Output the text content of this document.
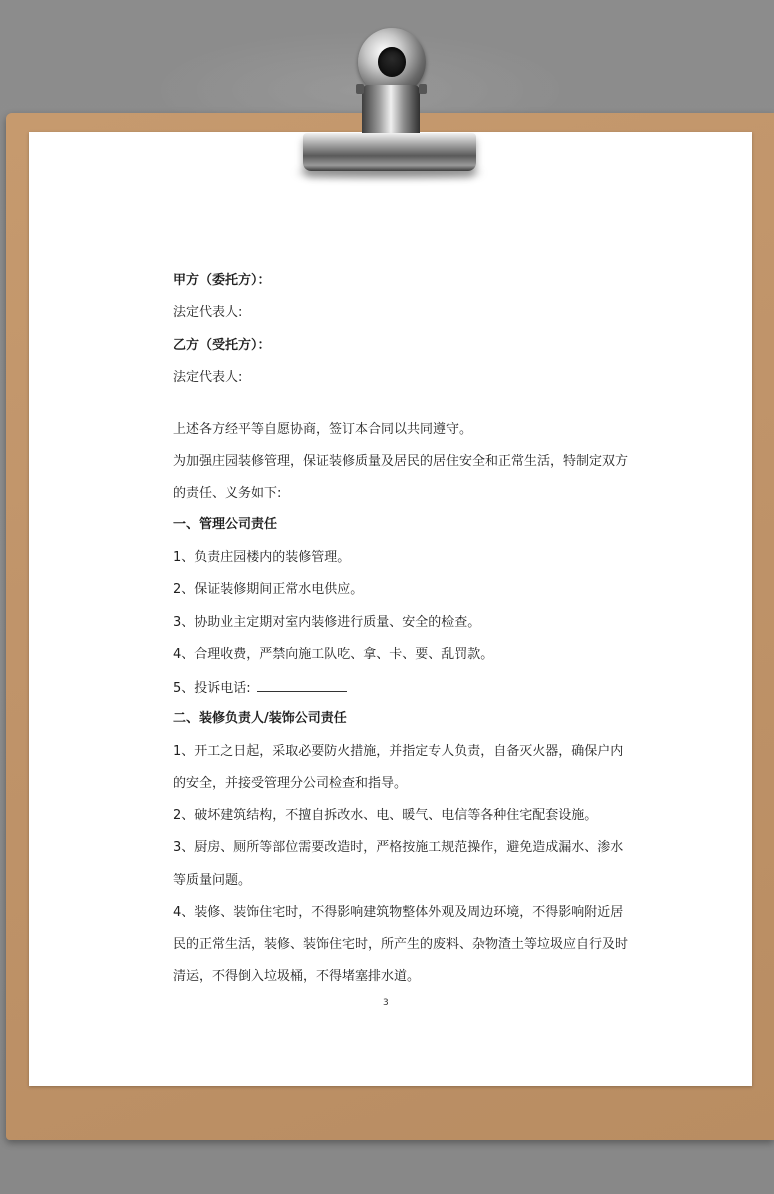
甲方（委托方）：

法定代表人:

乙方（受托方）：

法定代表人:

上述各方经平等自愿协商，签订本合同以共同遵守。

为加强庄园装修管理，保证装修质量及居民的居住安全和正常生活，特制定双方

的责任、义务如下:

一、管理公司责任

1、负责庄园楼内的装修管理。

2、保证装修期间正常水电供应。

3、协助业主定期对室内装修进行质量、安全的检查。

4、合理收费，严禁向施工队吃、拿、卡、要、乱罚款。

5、投诉电话:

二、装修负责人/装饰公司责任

1、开工之日起，采取必要防火措施，并指定专人负责，自备灭火器，确保户内

的安全，并接受管理分公司检查和指导。

2、破坏建筑结构，不擅自拆改水、电、暖气、电信等各种住宅配套设施。

3、厨房、厕所等部位需要改造时，严格按施工规范操作，避免造成漏水、渗水

等质量问题。

4、装修、装饰住宅时，不得影响建筑物整体外观及周边环境，不得影响附近居

民的正常生活，装修、装饰住宅时，所产生的废料、杂物渣土等垃圾应自行及时

清运，不得倒入垃圾桶，不得堵塞排水道。

3
